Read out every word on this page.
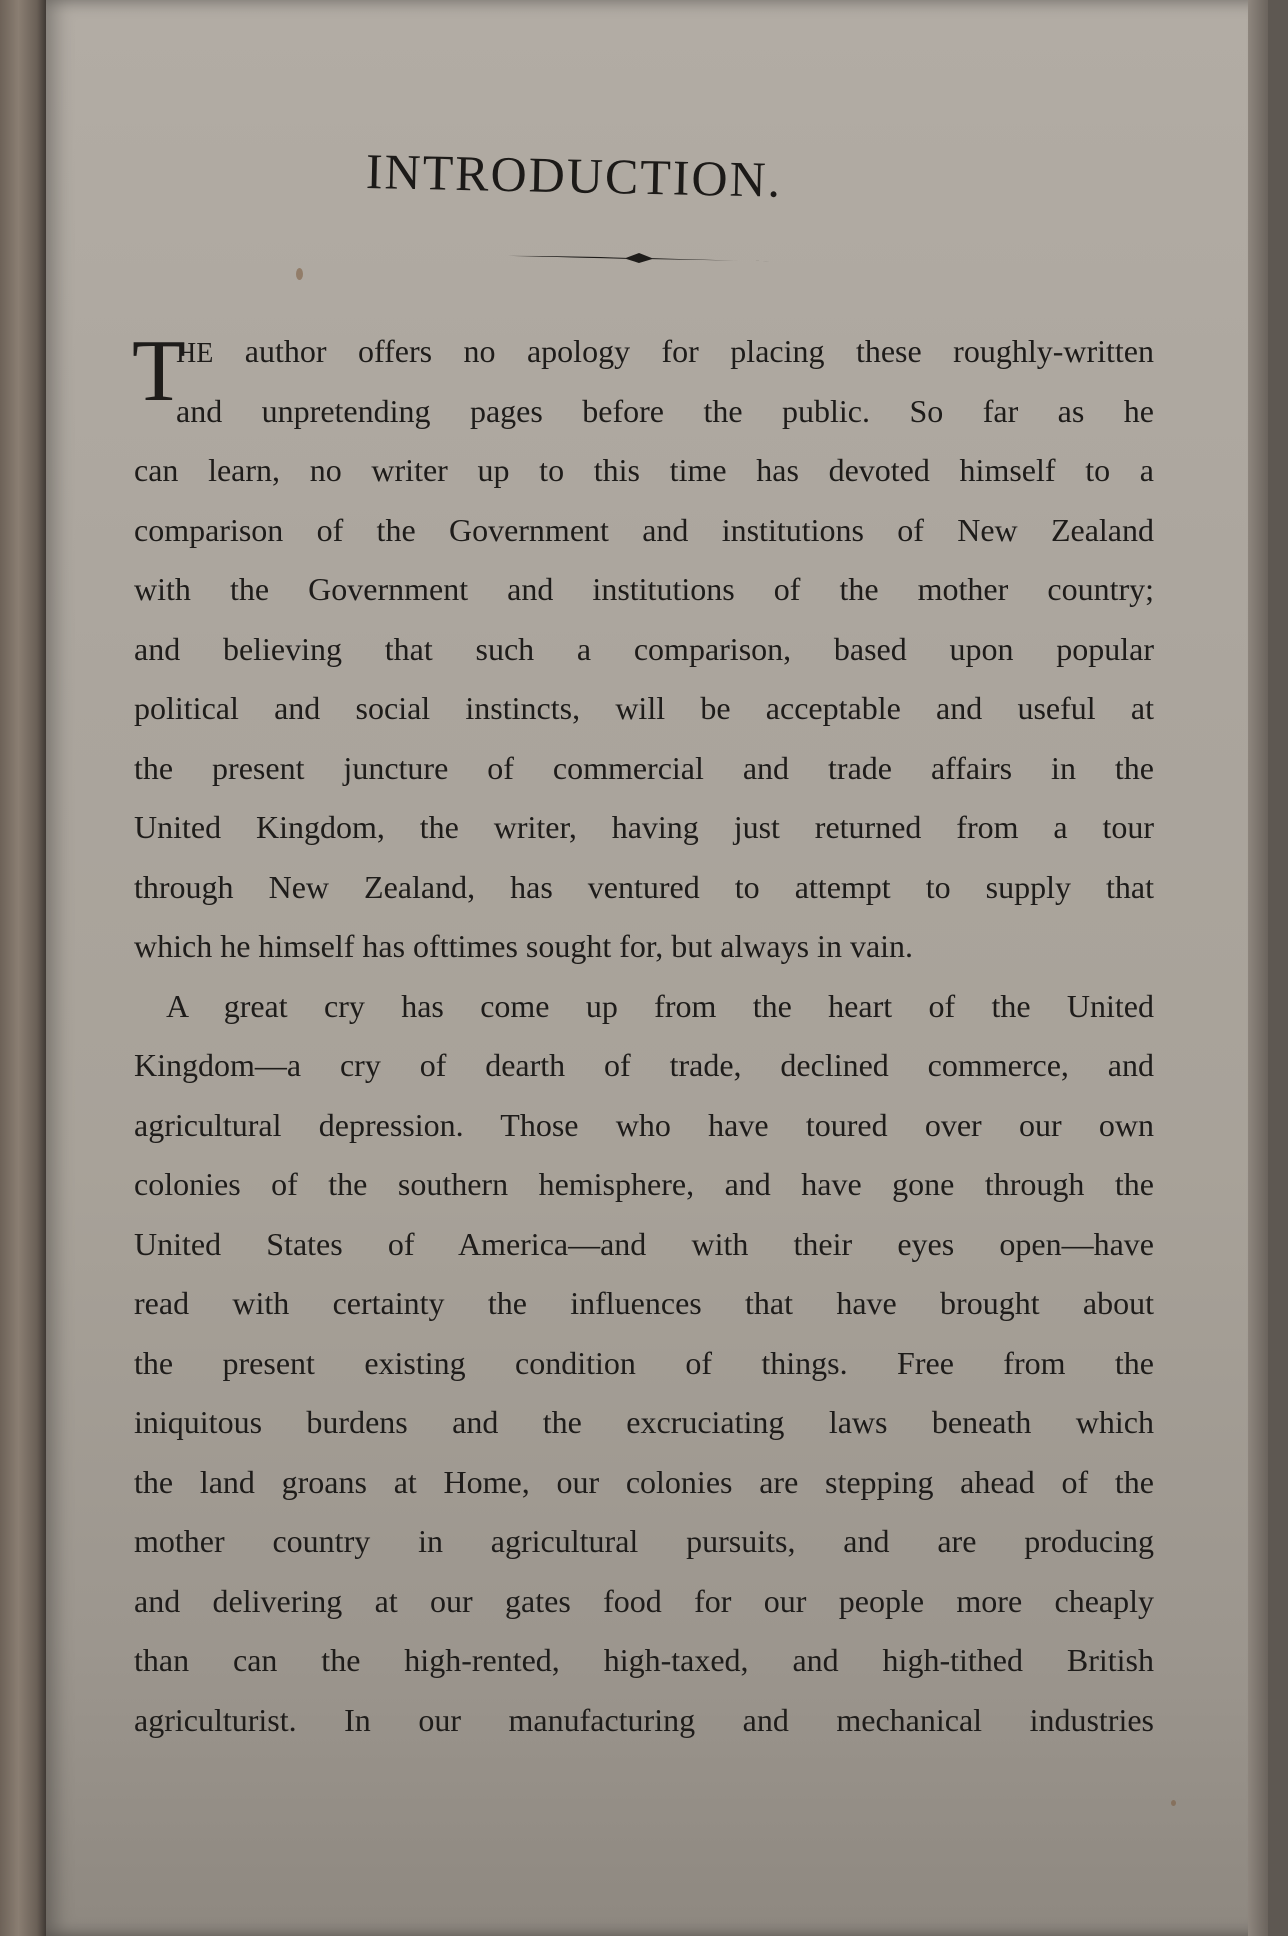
INTRODUCTION.
T
HE author offers no apology for placing these roughly-written
and unpretending pages before the public. So far as he
can learn, no writer up to this time has devoted himself to a
comparison of the Government and institutions of New Zealand
with the Government and institutions of the mother country;
and believing that such a comparison, based upon popular
political and social instincts, will be acceptable and useful at
the present juncture of commercial and trade affairs in the
United Kingdom, the writer, having just returned from a tour
through New Zealand, has ventured to attempt to supply that
which he himself has ofttimes sought for, but always in vain.
A great cry has come up from the heart of the United
Kingdom—a cry of dearth of trade, declined commerce, and
agricultural depression. Those who have toured over our own
colonies of the southern hemisphere, and have gone through the
United States of America—and with their eyes open—have
read with certainty the influences that have brought about
the present existing condition of things. Free from the
iniquitous burdens and the excruciating laws beneath which
the land groans at Home, our colonies are stepping ahead of the
mother country in agricultural pursuits, and are producing
and delivering at our gates food for our people more cheaply
than can the high-rented, high-taxed, and high-tithed British
agriculturist. In our manufacturing and mechanical industries
